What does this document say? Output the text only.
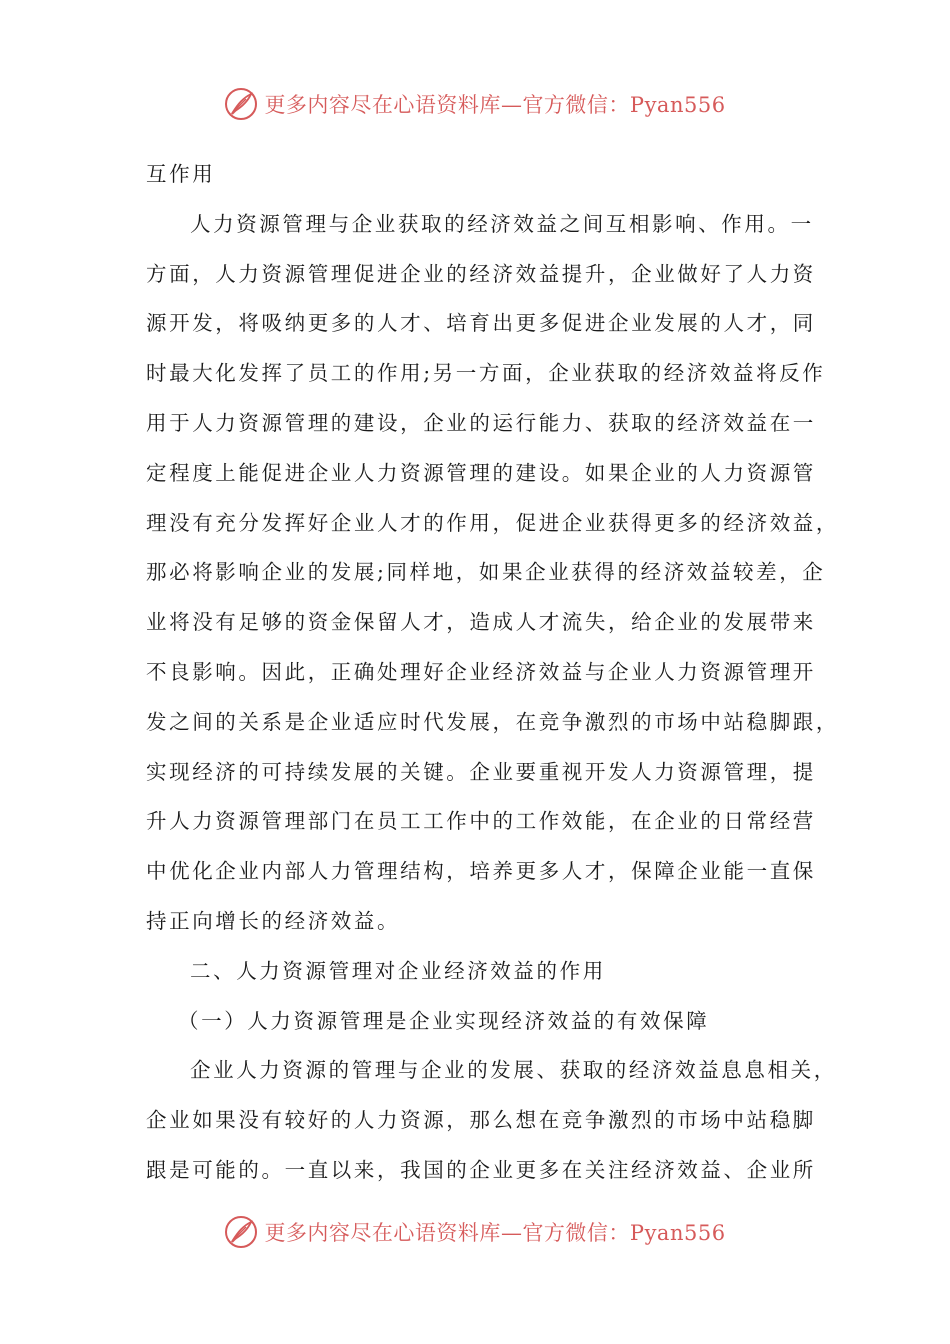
更多内容尽在心语资料库—官方微信：Pyan556
互作用
人力资源管理与企业获取的经济效益之间互相影响、作用。一
方面，人力资源管理促进企业的经济效益提升，企业做好了人力资
源开发，将吸纳更多的人才、培育出更多促进企业发展的人才，同
时最大化发挥了员工的作用;另一方面，企业获取的经济效益将反作
用于人力资源管理的建设，企业的运行能力、获取的经济效益在一
定程度上能促进企业人力资源管理的建设。如果企业的人力资源管
理没有充分发挥好企业人才的作用，促进企业获得更多的经济效益，
那必将影响企业的发展;同样地，如果企业获得的经济效益较差，企
业将没有足够的资金保留人才，造成人才流失，给企业的发展带来
不良影响。因此，正确处理好企业经济效益与企业人力资源管理开
发之间的关系是企业适应时代发展，在竞争激烈的市场中站稳脚跟，
实现经济的可持续发展的关键。企业要重视开发人力资源管理，提
升人力资源管理部门在员工工作中的工作效能，在企业的日常经营
中优化企业内部人力管理结构，培养更多人才，保障企业能一直保
持正向增长的经济效益。
二、人力资源管理对企业经济效益的作用
（一）人力资源管理是企业实现经济效益的有效保障
企业人力资源的管理与企业的发展、获取的经济效益息息相关，
企业如果没有较好的人力资源，那么想在竞争激烈的市场中站稳脚
跟是可能的。一直以来，我国的企业更多在关注经济效益、企业所
更多内容尽在心语资料库—官方微信：Pyan556
